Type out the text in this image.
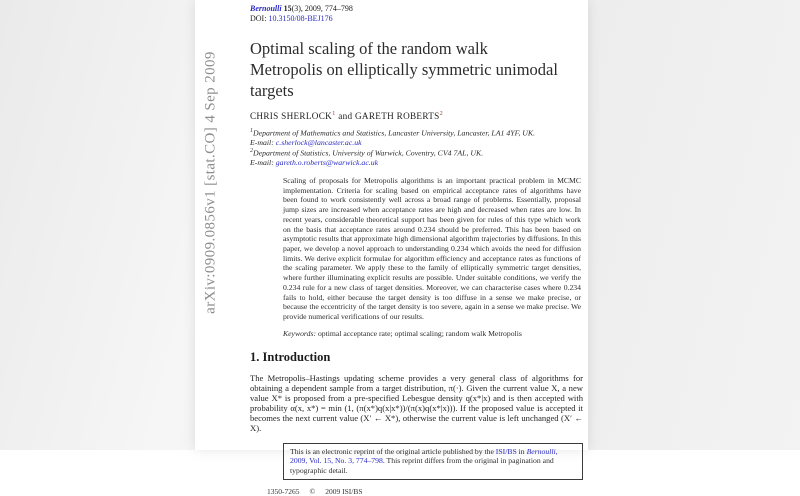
Bernoulli 15(3), 2009, 774–798
DOI: 10.3150/08-BEJ176
Optimal scaling of the random walk
Metropolis on elliptically symmetric unimodal
targets
CHRIS SHERLOCK$^1$ and GARETH ROBERTS$^2$
$^1$Department of Mathematics and Statistics, Lancaster University, Lancaster, LA1 4YF, UK.
E-mail: c.sherlock@lancaster.ac.uk
$^2$Department of Statistics, University of Warwick, Coventry, CV4 7AL, UK.
E-mail: gareth.o.roberts@warwick.ac.uk
Scaling of proposals for Metropolis algorithms is an important practical problem in MCMC implementation. Criteria for scaling based on empirical acceptance rates of algorithms have been found to work consistently well across a broad range of problems. Essentially, proposal jump sizes are increased when acceptance rates are high and decreased when rates are low. In recent years, considerable theoretical support has been given for rules of this type which work on the basis that acceptance rates around 0.234 should be preferred. This has been based on asymptotic results that approximate high dimensional algorithm trajectories by diffusions. In this paper, we develop a novel approach to understanding 0.234 which avoids the need for diffusion limits. We derive explicit formulae for algorithm efficiency and acceptance rates as functions of the scaling parameter. We apply these to the family of elliptically symmetric target densities, where further illuminating explicit results are possible. Under suitable conditions, we verify the 0.234 rule for a new class of target densities. Moreover, we can characterise cases where 0.234 fails to hold, either because the target density is too diffuse in a sense we make precise, or because the eccentricity of the target density is too severe, again in a sense we make precise. We provide numerical verifications of our results.
Keywords: optimal acceptance rate; optimal scaling; random walk Metropolis
1. Introduction
The Metropolis–Hastings updating scheme provides a very general class of algorithms for obtaining a dependent sample from a target distribution, π(·). Given the current value X, a new value X* is proposed from a pre-specified Lebesgue density q(x*|x) and is then accepted with probability α(x, x*) = min (1, (π(x*)q(x|x*))/(π(x)q(x*|x))). If the proposed value is accepted it becomes the next current value (X′ ← X*), otherwise the current value is left unchanged (X′ ← X).
This is an electronic reprint of the original article published by the ISI/BS in Bernoulli, 2009, Vol. 15, No. 3, 774–798. This reprint differs from the original in pagination and typographic detail.
1350-7265 © 2009 ISI/BS
arXiv:0909.0856v1 [stat.CO] 4 Sep 2009
